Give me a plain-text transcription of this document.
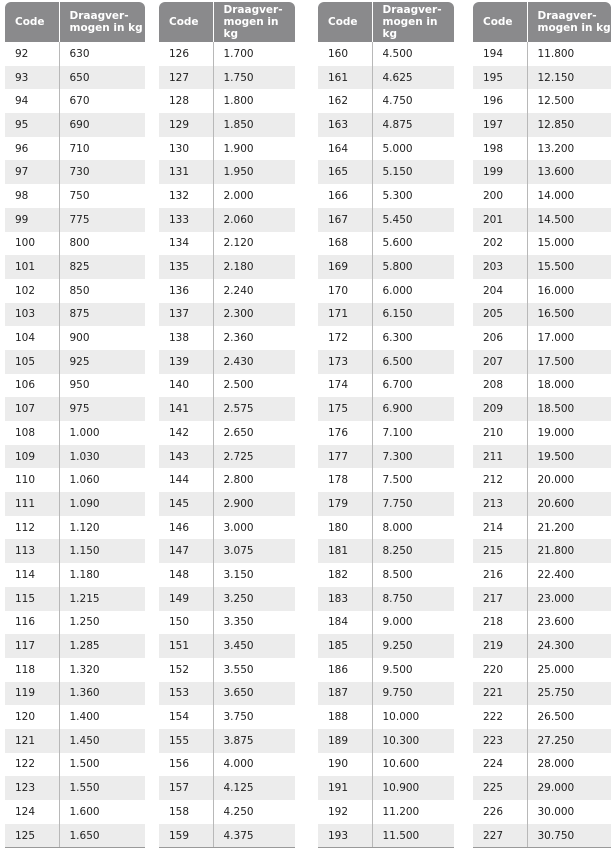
Code	Draagver-
mogen in kg
92	630
93	650
94	670
95	690
96	710
97	730
98	750
99	775
100	800
101	825
102	850
103	875
104	900
105	925
106	950
107	975
108	1.000
109	1.030
110	1.060
111	1.090
112	1.120
113	1.150
114	1.180
115	1.215
116	1.250
117	1.285
118	1.320
119	1.360
120	1.400
121	1.450
122	1.500
123	1.550
124	1.600
125	1.650
Code	Draagver-
mogen in kg
126	1.700
127	1.750
128	1.800
129	1.850
130	1.900
131	1.950
132	2.000
133	2.060
134	2.120
135	2.180
136	2.240
137	2.300
138	2.360
139	2.430
140	2.500
141	2.575
142	2.650
143	2.725
144	2.800
145	2.900
146	3.000
147	3.075
148	3.150
149	3.250
150	3.350
151	3.450
152	3.550
153	3.650
154	3.750
155	3.875
156	4.000
157	4.125
158	4.250
159	4.375
Code	Draagver-
mogen in kg
160	4.500
161	4.625
162	4.750
163	4.875
164	5.000
165	5.150
166	5.300
167	5.450
168	5.600
169	5.800
170	6.000
171	6.150
172	6.300
173	6.500
174	6.700
175	6.900
176	7.100
177	7.300
178	7.500
179	7.750
180	8.000
181	8.250
182	8.500
183	8.750
184	9.000
185	9.250
186	9.500
187	9.750
188	10.000
189	10.300
190	10.600
191	10.900
192	11.200
193	11.500
Code	Draagver-
mogen in kg
194	11.800
195	12.150
196	12.500
197	12.850
198	13.200
199	13.600
200	14.000
201	14.500
202	15.000
203	15.500
204	16.000
205	16.500
206	17.000
207	17.500
208	18.000
209	18.500
210	19.000
211	19.500
212	20.000
213	20.600
214	21.200
215	21.800
216	22.400
217	23.000
218	23.600
219	24.300
220	25.000
221	25.750
222	26.500
223	27.250
224	28.000
225	29.000
226	30.000
227	30.750
